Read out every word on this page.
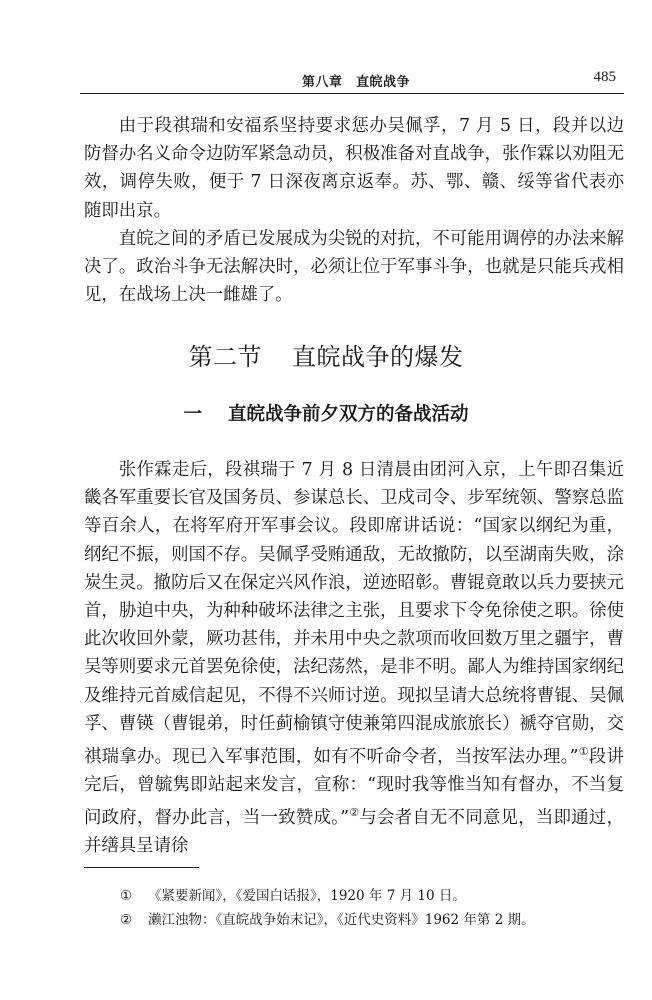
第八章　直皖战争	485

由于段祺瑞和安福系坚持要求惩办吴佩孚，7 月 5 日，段并以边防督办名义命令边防军紧急动员，积极准备对直战争，张作霖以劝阻无效，调停失败，便于 7 日深夜离京返奉。苏、鄂、赣、绥等省代表亦随即出京。

直皖之间的矛盾已发展成为尖锐的对抗，不可能用调停的办法来解决了。政治斗争无法解决时，必须让位于军事斗争，也就是只能兵戎相见，在战场上决一雌雄了。

第二节 直皖战争的爆发
一 直皖战争前夕双方的备战活动

张作霖走后，段祺瑞于 7 月 8 日清晨由团河入京，上午即召集近畿各军重要长官及国务员、参谋总长、卫戍司令、步军统领、警察总监等百余人，在将军府开军事会议。段即席讲话说：“国家以纲纪为重，纲纪不振，则国不存。吴佩孚受贿通敌，无故撤防，以至湖南失败，涂炭生灵。撤防后又在保定兴风作浪，逆迹昭彰。曹锟竟敢以兵力要挟元首，胁迫中央，为种种破坏法律之主张，且要求下令免徐使之职。徐使此次收回外蒙，厥功甚伟，并未用中央之款项而收回数万里之疆宇，曹吴等则要求元首罢免徐使，法纪荡然，是非不明。鄙人为维持国家纲纪及维持元首威信起见，不得不兴师讨逆。现拟呈请大总统将曹锟、吴佩孚、曹锳（曹锟弟，时任蓟榆镇守使兼第四混成旅旅长）褫夺官勋，交祺瑞拿办。现已入军事范围，如有不听命令者，当按军法办理。”①段讲完后，曾毓隽即站起来发言，宣称：“现时我等惟当知有督办，不当复问政府，督办此言，当一致赞成。”②与会者自无不同意见，当即通过，并缮具呈请徐

① 《紧要新闻》，《爱国白话报》，1920 年 7 月 10 日。
② 濑江浊物：《直皖战争始末记》，《近代史资料》1962 年第 2 期。
